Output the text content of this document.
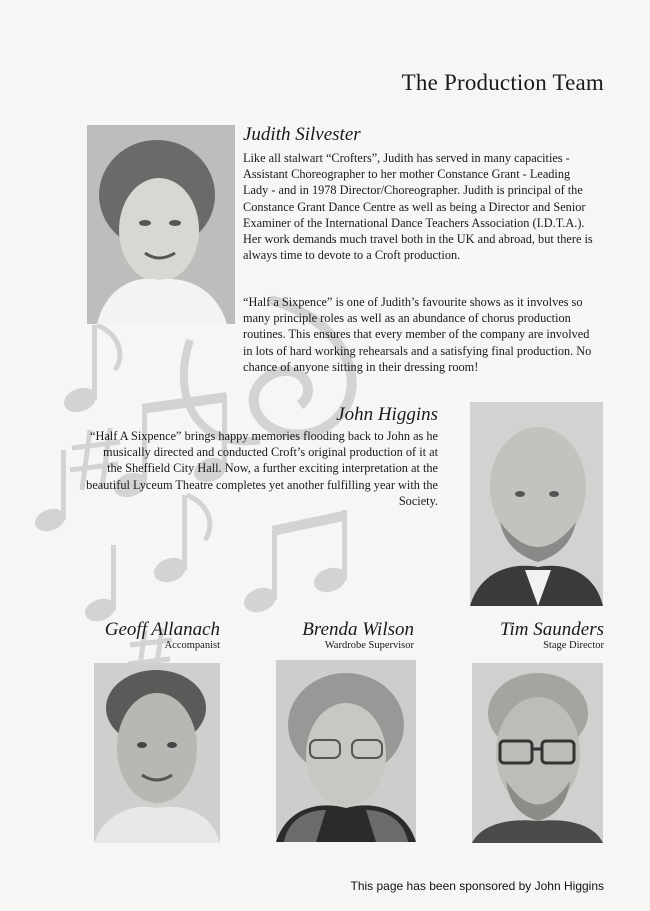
The Production Team
Judith Silvester

Like all stalwart “Crofters”, Judith has served in many capacities - Assistant Choreographer to her mother Constance Grant - Leading Lady - and in 1978 Director/Choreographer. Judith is principal of the Constance Grant Dance Centre as well as being a Director and Senior Examiner of the International Dance Teachers Association (I.D.T.A.). Her work demands much travel both in the UK and abroad, but there is always time to devote to a Croft production.

“Half a Sixpence” is one of Judith’s favourite shows as it involves so many principle roles as well as an abundance of chorus production routines. This ensures that every member of the company are involved in lots of hard working rehearsals and a satisfying final production. No chance of anyone sitting in their dressing room!

John Higgins

“Half A Sixpence” brings happy memories flooding back to John as he musically directed and conducted Croft’s original production of it at the Sheffield City Hall. Now, a further exciting interpretation at the beautiful Lyceum Theatre completes yet another fulfilling year with the Society.

Geoff Allanach
Accompanist
Brenda Wilson
Wardrobe Supervisor
Tim Saunders
Stage Director
This page has been sponsored by John Higgins
